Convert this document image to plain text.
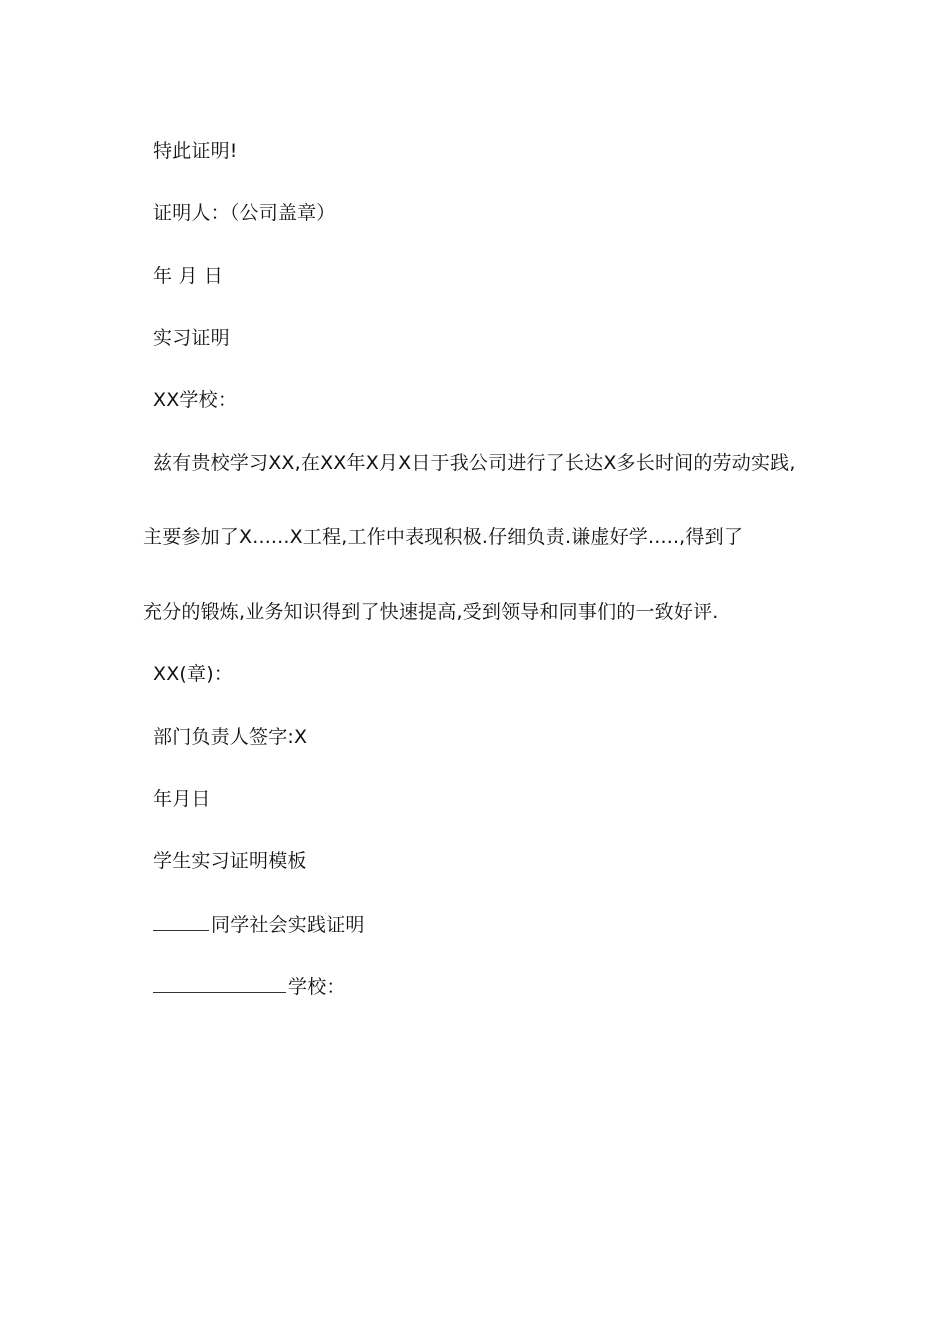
特此证明!
证明人：（公司盖章）
年 月 日
实习证明
XX学校：
兹有贵校学习XX,在XX年X月X日于我公司进行了长达X多长时间的劳动实践,
主要参加了X......X工程,工作中表现积极.仔细负责.谦虚好学.....,得到了
充分的锻炼,业务知识得到了快速提高,受到领导和同事们的一致好评.
XX(章)：
部门负责人签字:X
年月日
学生实习证明模板
同学社会实践证明
学校：
